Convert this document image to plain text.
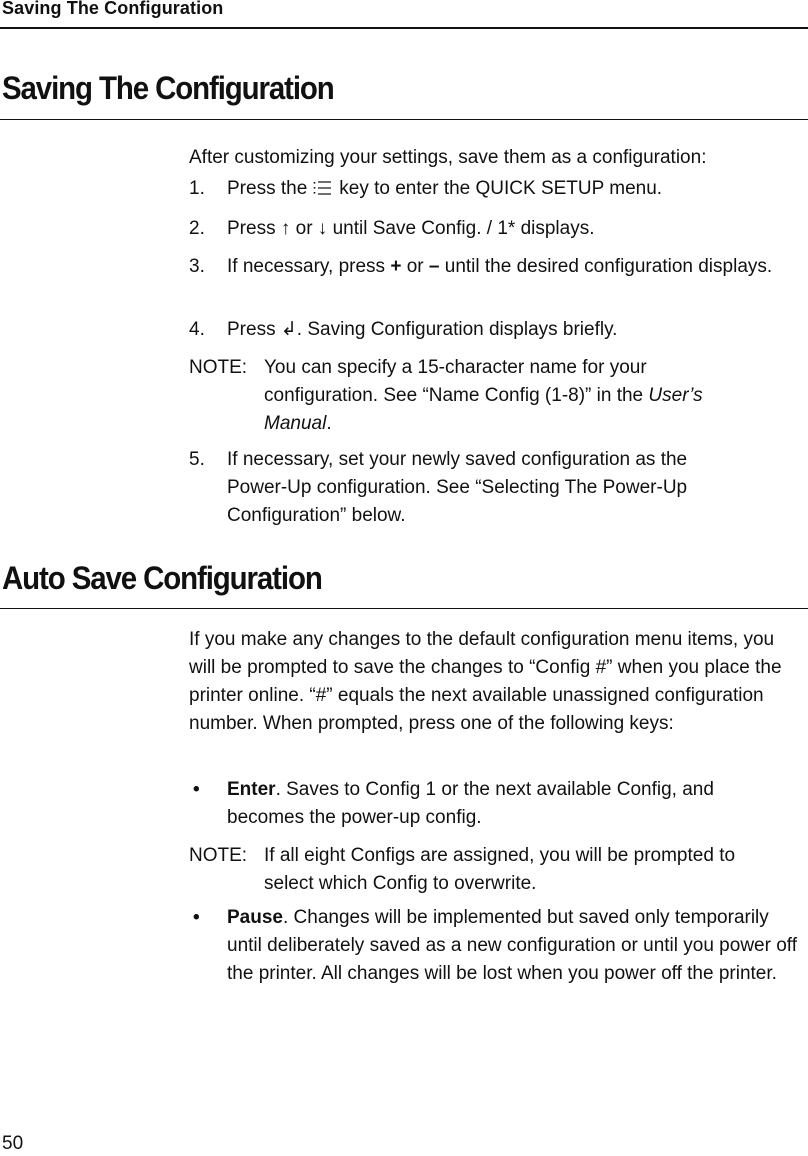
Saving The Configuration
Saving The Configuration
After customizing your settings, save them as a configuration:
1. Press the key to enter the QUICK SETUP menu.
2. Press ↑ or ↓ until Save Config. / 1* displays.
3. If necessary, press + or – until the desired configuration displays.
4. Press ↲. Saving Configuration displays briefly.
NOTE: You can specify a 15-character name for your
configuration. See “Name Config (1-8)” in the User’s
Manual.
5. If necessary, set your newly saved configuration as the Power-Up configuration. See “Selecting The Power-Up Configuration” below.
Auto Save Configuration
If you make any changes to the default configuration menu items, you will be prompted to save the changes to “Config #” when you place the printer online. “#” equals the next available unassigned configuration number. When prompted, press one of the following keys:
• Enter. Saves to Config 1 or the next available Config, and becomes the power-up config.
NOTE: If all eight Configs are assigned, you will be prompted to
select which Config to overwrite.
• Pause. Changes will be implemented but saved only temporarily until deliberately saved as a new configuration or until you power off the printer. All changes will be lost when you power off the printer.
50
